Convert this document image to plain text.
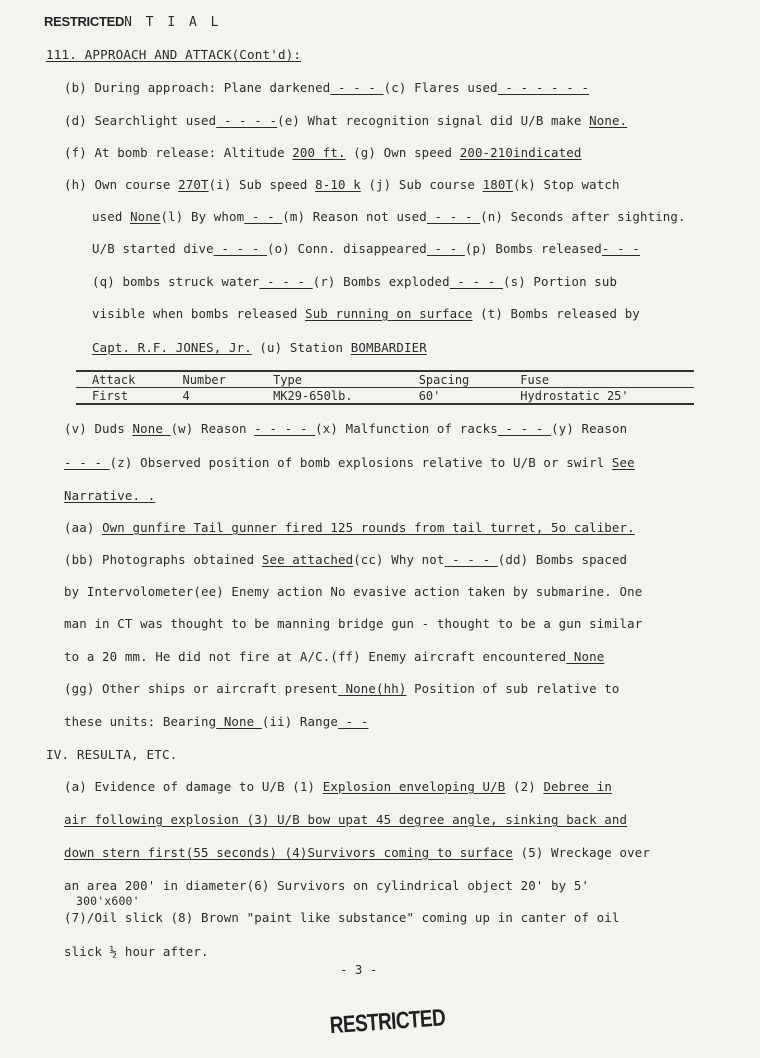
RESTRICTEDN T I A L
111. APPROACH AND ATTACK(Cont'd):
(b) During approach: Plane darkened - - - (c) Flares used - - - - - -
(d) Searchlight used - - - -(e) What recognition signal did U/B make None.
(f) At bomb release: Altitude 200 ft. (g) Own speed 200-210indicated
(h) Own course 270T(i) Sub speed 8-10 k (j) Sub course 180T(k) Stop watch
used None(l) By whom - - (m) Reason not used - - - (n) Seconds after sighting.
U/B started dive - - - (o) Conn. disappeared - - (p) Bombs released- - -
(q) bombs struck water - - - (r) Bombs exploded - - - (s) Portion sub
visible when bombs released Sub running on surface (t) Bombs released by
Capt. R.F. JONES, Jr. (u) Station BOMBARDIER
Attack	Number	Type	Spacing	Fuse
First	4	MK29-650lb.	60'	Hydrostatic 25'
(v) Duds None (w) Reason - - - - (x) Malfunction of racks - - - (y) Reason
- - - (z) Observed position of bomb explosions relative to U/B or swirl See
Narrative. .
(aa) Own gunfire Tail gunner fired 125 rounds from tail turret, 5o caliber.
(bb) Photographs obtained See attached(cc) Why not - - - (dd) Bombs spaced
by Intervolometer(ee) Enemy action No evasive action taken by submarine. One
man in CT was thought to be manning bridge gun - thought to be a gun similar
to a 20 mm. He did not fire at A/C.(ff) Enemy aircraft encountered None
(gg) Other ships or aircraft present None(hh) Position of sub relative to
these units: Bearing None (ii) Range - -
IV. RESULTA, ETC.
(a) Evidence of damage to U/B (1) Explosion enveloping U/B (2) Debree in
air following explosion (3) U/B bow upat 45 degree angle, sinking back and
down stern first(55 seconds) (4)Survivors coming to surface (5) Wreckage over
an area 200' in diameter(6) Survivors on cylindrical object 20' by 5'
300'x600'
(7)/Oil slick (8) Brown "paint like substance" coming up in canter of oil
slick ½ hour after.
- 3 -
RESTRICTED
